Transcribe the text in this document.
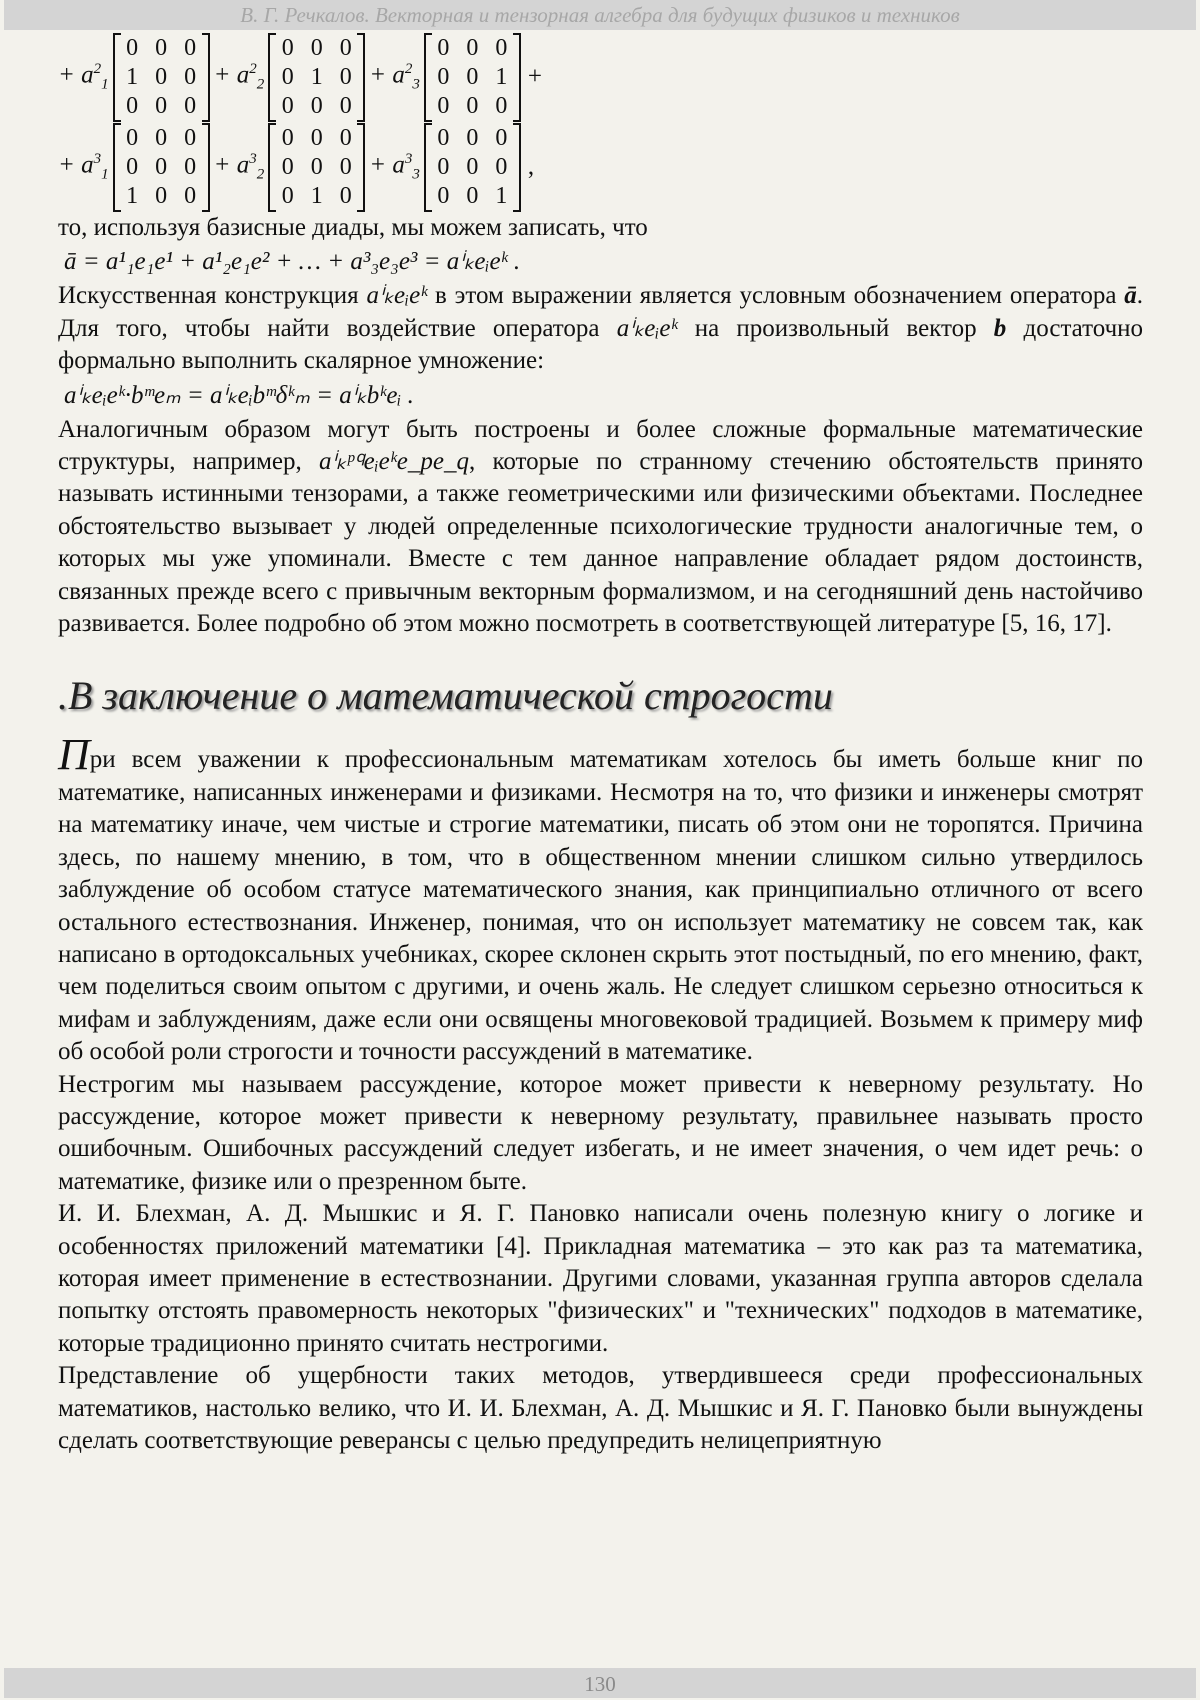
В. Г. Речкалов. Векторная и тензорная алгебра для будущих физиков и техников
+ a21
0 0 0
1 0 0
0 0 0
+ a22
0 0 0
0 1 0
0 0 0
+ a23
0 0 0
0 0 1
0 0 0
+
+ a31
0 0 0
0 0 0
1 0 0
+ a32
0 0 0
0 0 0
0 1 0
+ a33
0 0 0
0 0 0
0 0 1
,

то, используя базисные диады, мы можем записать, что

ā = a¹₁e₁e¹ + a¹₂e₁e² + … + a³₃e₃e³ = aⁱₖeᵢeᵏ .

Искусственная конструкция aⁱₖeᵢeᵏ в этом выражении является условным обозначением оператора ā. Для того, чтобы найти воздействие оператора aⁱₖeᵢeᵏ на произвольный вектор b достаточно формально выполнить скалярное умножение:

aⁱₖeᵢeᵏ·bᵐeₘ = aⁱₖeᵢbᵐδᵏₘ = aⁱₖbᵏeᵢ .

Аналогичным образом могут быть построены и более сложные формальные математиче­ские структуры, например, aⁱₖᵖ𐞥eᵢeᵏe_pe_q, которые по странному стечению обстоя­тельств принято называть истинными тензорами, а также геометрическими или физиче­скими объектами. Последнее обстоятельство вызывает у людей определенные психоло­гические трудности аналогичные тем, о которых мы уже упоминали. Вместе с тем дан­ное направление обладает рядом достоинств, связанных прежде всего с привычным век­торным формализмом, и на сегодняшний день настойчиво развивается. Более подробно об этом можно посмотреть в соответствующей литературе [5, 16, 17].

.В заключение о математической строгости

При всем уважении к профессиональным математикам хотелось бы иметь больше книг по математике, написанных инженерами и физиками. Несмотря на то, что физики и инженеры смотрят на математику иначе, чем чистые и строгие математики, писать об этом они не торопятся. Причина здесь, по нашему мнению, в том, что в общественном мнении слишком сильно утвердилось заблуждение об особом статусе математического знания, как принципиально отличного от всего остального естествознания. Инженер, по­нимая, что он использует математику не совсем так, как написано в ортодоксальных учебниках, скорее склонен скрыть этот постыдный, по его мнению, факт, чем поделиться своим опытом с другими, и очень жаль. Не следует слишком серьезно относиться к ми­фам и заблуждениям, даже если они освящены многовековой традицией. Возьмем к при­меру миф об особой роли строгости и точности рассуждений в математике.

Нестрогим мы называем рассуждение, которое может привести к неверному результату. Но рассуждение, которое может привести к неверному результату, правильнее называть просто ошибочным. Ошибочных рассуждений следует избегать, и не имеет значения, о чем идет речь: о математике, физике или о презренном быте.

И. И. Блехман, А. Д. Мышкис и Я. Г. Пановко написали очень полезную книгу о логике и особенностях приложений математики [4]. Прикладная математика – это как раз та мате­матика, которая имеет применение в естествознании. Другими словами, указанная груп­па авторов сделала попытку отстоять правомерность некоторых "физических" и "техни­ческих" подходов в математике, которые традиционно принято считать нестрогими.

Представление об ущербности таких методов, утвердившееся среди профессиональных математиков, настолько велико, что И. И. Блехман, А. Д. Мышкис и Я. Г. Пановко были вынуждены сделать соответствующие реверансы с целью предупредить нелицеприятную

130
